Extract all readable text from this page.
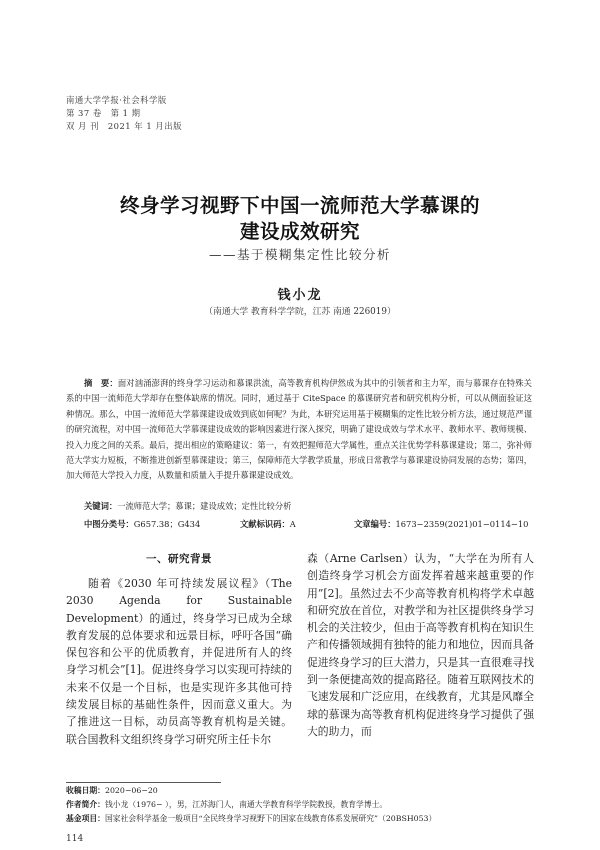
南通大学学报·社会科学版
第 37 卷　第 1 期
双 月 刊　2021 年 1 月出版
终身学习视野下中国一流师范大学慕课的
建设成效研究
——基于模糊集定性比较分析
钱小龙
（南通大学 教育科学学院，江苏 南通 226019）
摘　要：面对汹涌澎湃的终身学习运动和慕课洪流，高等教育机构伊然成为其中的引领者和主力军，而与慕课存在特殊关系的中国一流师范大学却存在整体缺席的情况。同时，通过基于 CiteSpace 的慕课研究者和研究机构分析，可以从侧面验证这种情况。那么，中国一流师范大学慕课建设成效到底如何呢？为此，本研究运用基于模糊集的定性比较分析方法，通过规范严谨的研究流程，对中国一流师范大学慕课建设成效的影响因素进行深入探究，明确了建设成效与学术水平、教师水平、教师规模、投入力度之间的关系。最后，提出相应的策略建议：第一，有效把握师范大学属性，重点关注优势学科慕课建设；第二，弥补师范大学实力短板，不断推进创新型慕课建设；第三，保障师范大学教学质量，形成日常教学与慕课建设协同发展的态势；第四，加大师范大学投入力度，从数量和质量入手提升慕课建设成效。
关键词：一流师范大学；慕课；建设成效；定性比较分析
中图分类号：G657.38；G434	文献标识码：A	文章编号：1673−2359(2021)01−0114−10
一、研究背景
随着《2030 年可持续发展议程》（The 2030 Agenda for Sustainable Development）的通过，终身学习已成为全球教育发展的总体要求和远景目标，呼吁各国“确保包容和公平的优质教育，并促进所有人的终身学习机会”[1]。促进终身学习以实现可持续的未来不仅是一个目标，也是实现许多其他可持续发展目标的基础性条件，因而意义重大。为了推进这一目标，动员高等教育机构是关键。联合国教科文组织终身学习研究所主任卡尔
森（Arne Carlsen）认为，“大学在为所有人创造终身学习机会方面发挥着越来越重要的作用”[2]。虽然过去不少高等教育机构将学术卓越和研究放在首位，对教学和为社区提供终身学习机会的关注较少，但由于高等教育机构在知识生产和传播领域拥有独特的能力和地位，因而具备促进终身学习的巨大潜力，只是其一直很难寻找到一条便捷高效的提高路径。随着互联网技术的飞速发展和广泛应用，在线教育，尤其是风靡全球的慕课为高等教育机构促进终身学习提供了强大的助力，而
收稿日期：2020−06−20
作者简介：钱小龙（1976− ），男，江苏海门人，南通大学教育科学学院教授，教育学博士。
基金项目：国家社会科学基金一般项目“全民终身学习视野下的国家在线教育体系发展研究”（20BSH053）
114
